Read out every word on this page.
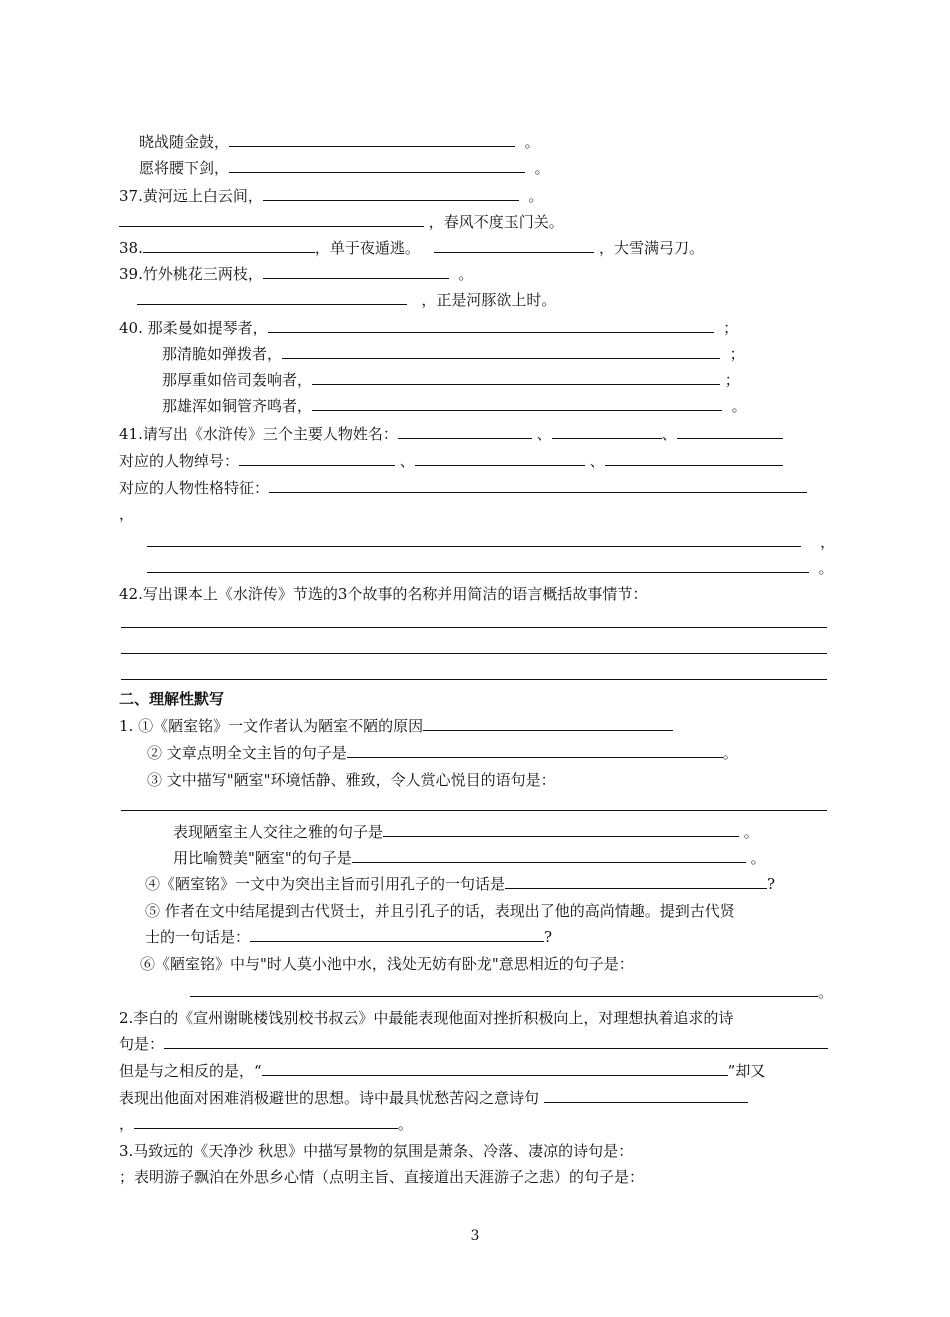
晓战随金鼓，	。
愿将腰下剑，	。
37.黄河远上白云间，	。
，春风不度玉门关。
38.	，单于夜遁逃。	，大雪满弓刀。
39.竹外桃花三两枝，	。
，正是河豚欲上时。
40. 那柔曼如提琴者，	；
那清脆如弹拨者，	；
那厚重如倍司轰响者，	；
那雄浑如铜管齐鸣者，	。
41.请写出《水浒传》三个主要人物姓名：	、	、
对应的人物绰号：	、	、
对应的人物性格特征：
，
，
。
42.写出课本上《水浒传》节选的3个故事的名称并用简洁的语言概括故事情节：
二、理解性默写
1. ①《陋室铭》一文作者认为陋室不陋的原因
② 文章点明全文主旨的句子是	。
③ 文中描写"陋室"环境恬静、雅致，令人赏心悦目的语句是：
表现陋室主人交往之雅的句子是	。
用比喻赞美"陋室"的句子是	。
④《陋室铭》一文中为突出主旨而引用孔子的一句话是	?
⑤ 作者在文中结尾提到古代贤士，并且引孔子的话，表现出了他的高尚情趣。提到古代贤
士的一句话是：	?
⑥《陋室铭》中与"时人莫小池中水，浅处无妨有卧龙"意思相近的句子是：
。
2.李白的《宣州谢眺楼饯别校书叔云》中最能表现他面对挫折积极向上，对理想执着追求的诗
句是：
但是与之相反的是，“	”却又
表现出他面对困难消极避世的思想。诗中最具忧愁苦闷之意诗句
，	。
3.马致远的《天净沙 秋思》中描写景物的氛围是萧条、冷落、凄凉的诗句是：
；表明游子飘泊在外思乡心情（点明主旨、直接道出天涯游子之悲）的句子是：
3
